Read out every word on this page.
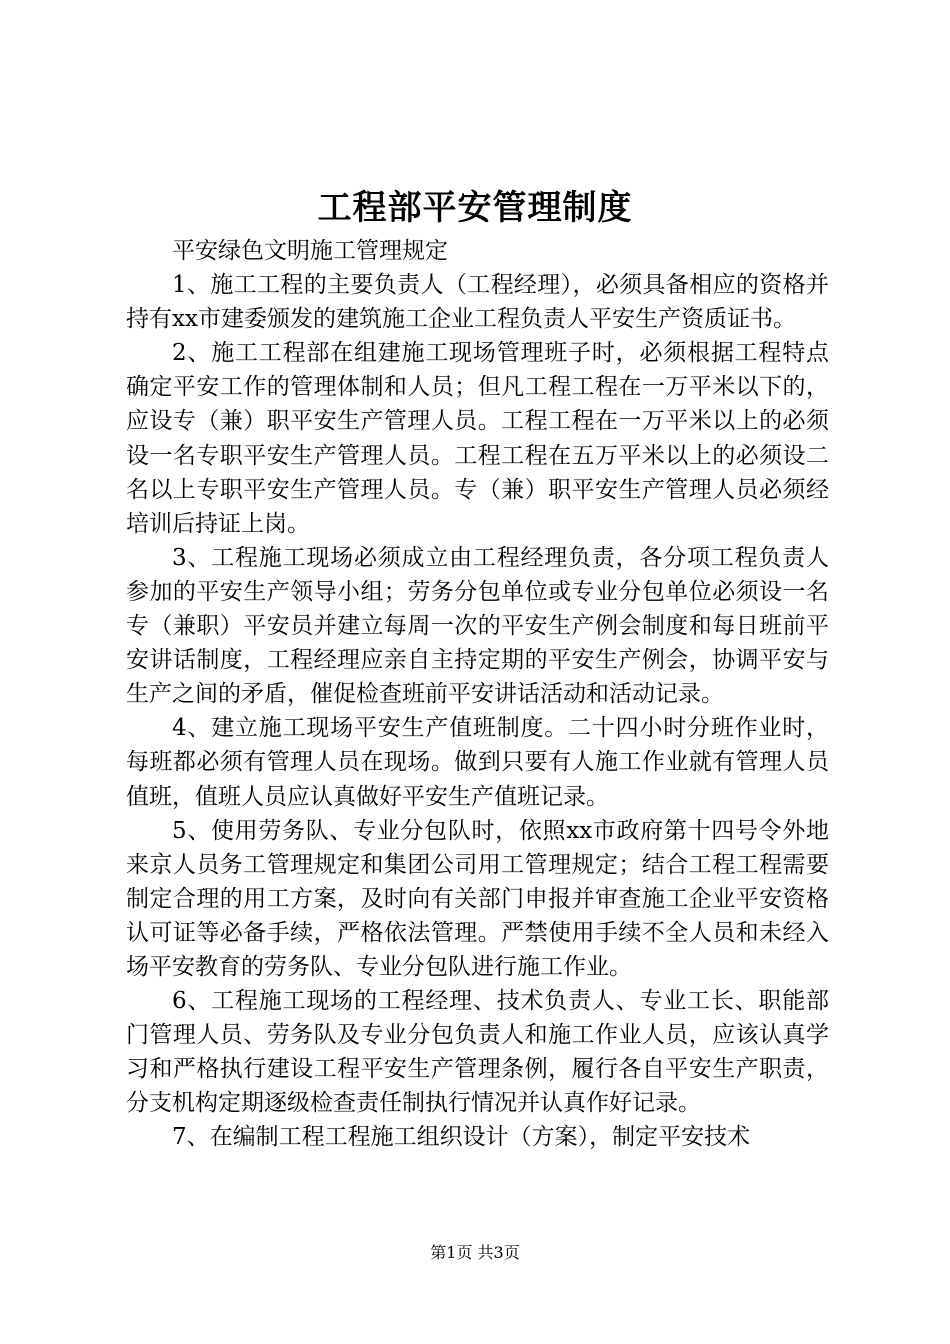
工程部平安管理制度

平安绿色文明施工管理规定

1、施工工程的主要负责人（工程经理），必须具备相应的资格并持有xx市建委颁发的建筑施工企业工程负责人平安生产资质证书。

2、施工工程部在组建施工现场管理班子时，必须根据工程特点确定平安工作的管理体制和人员；但凡工程工程在一万平米以下的，应设专（兼）职平安生产管理人员。工程工程在一万平米以上的必须设一名专职平安生产管理人员。工程工程在五万平米以上的必须设二名以上专职平安生产管理人员。专（兼）职平安生产管理人员必须经培训后持证上岗。

3、工程施工现场必须成立由工程经理负责，各分项工程负责人参加的平安生产领导小组；劳务分包单位或专业分包单位必须设一名专（兼职）平安员并建立每周一次的平安生产例会制度和每日班前平安讲话制度，工程经理应亲自主持定期的平安生产例会，协调平安与生产之间的矛盾，催促检查班前平安讲话活动和活动记录。

4、建立施工现场平安生产值班制度。二十四小时分班作业时，每班都必须有管理人员在现场。做到只要有人施工作业就有管理人员值班，值班人员应认真做好平安生产值班记录。

5、使用劳务队、专业分包队时，依照xx市政府第十四号令外地来京人员务工管理规定和集团公司用工管理规定；结合工程工程需要制定合理的用工方案，及时向有关部门申报并审查施工企业平安资格认可证等必备手续，严格依法管理。严禁使用手续不全人员和未经入场平安教育的劳务队、专业分包队进行施工作业。

6、工程施工现场的工程经理、技术负责人、专业工长、职能部门管理人员、劳务队及专业分包负责人和施工作业人员，应该认真学习和严格执行建设工程平安生产管理条例，履行各自平安生产职责，分支机构定期逐级检查责任制执行情况并认真作好记录。

7、在编制工程工程施工组织设计（方案），制定平安技术

第1页 共3页
